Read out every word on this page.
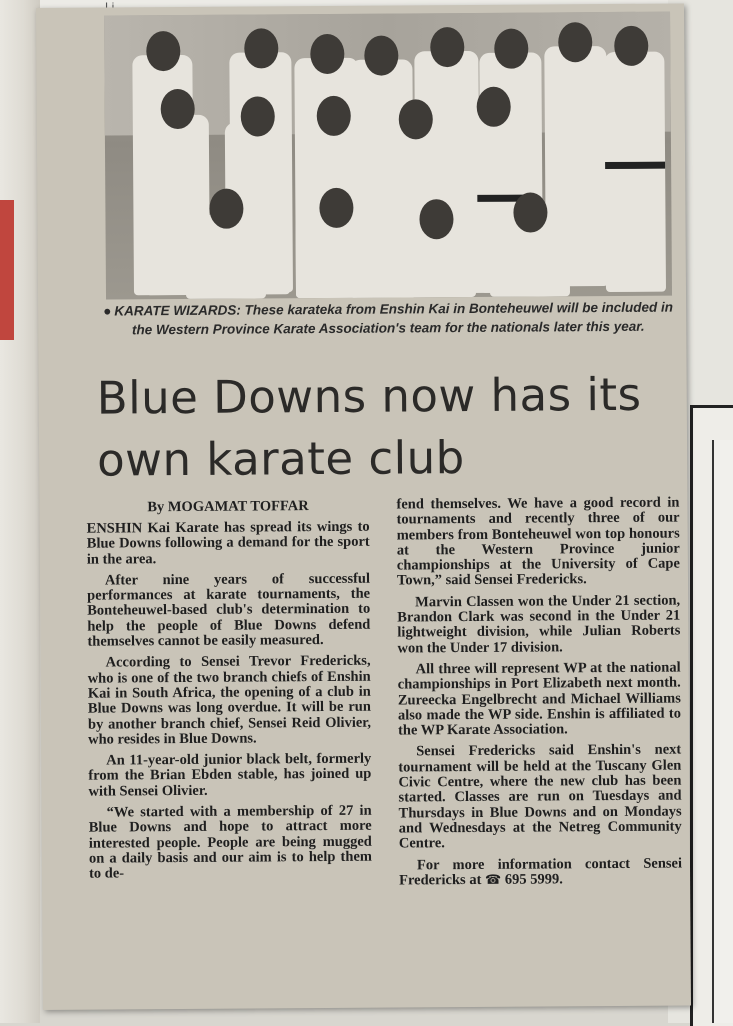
● KARATE WIZARDS: These karateka from Enshin Kai in Bonteheuwel will be included in the Western Province Karate Association's team for the nationals later this year.
Blue Downs now has its own karate club
By MOGAMAT TOFFAR

ENSHIN Kai Karate has spread its wings to Blue Downs following a demand for the sport in the area.

After nine years of successful performances at karate tournaments, the Bonteheuwel-based club's determination to help the people of Blue Downs defend themselves cannot be easily measured.

According to Sensei Trevor Fredericks, who is one of the two branch chiefs of Enshin Kai in South Africa, the opening of a club in Blue Downs was long overdue. It will be run by another branch chief, Sensei Reid Olivier, who resides in Blue Downs.

An 11-year-old junior black belt, formerly from the Brian Ebden stable, has joined up with Sensei Olivier.

“We started with a membership of 27 in Blue Downs and hope to attract more interested people. People are being mugged on a daily basis and our aim is to help them to de-

fend themselves. We have a good record in tournaments and recently three of our members from Bonteheuwel won top honours at the Western Province junior championships at the University of Cape Town,” said Sensei Fredericks.

Marvin Classen won the Under 21 section, Brandon Clark was second in the Under 21 lightweight division, while Julian Roberts won the Under 17 division.

All three will represent WP at the national championships in Port Elizabeth next month. Zureecka Engelbrecht and Michael Williams also made the WP side. Enshin is affiliated to the WP Karate Association.

Sensei Fredericks said Enshin's next tournament will be held at the Tuscany Glen Civic Centre, where the new club has been started. Classes are run on Tuesdays and Thursdays in Blue Downs and on Mondays and Wednesdays at the Netreg Community Centre.

For more information contact Sensei Fredericks at ☎ 695 5999.
